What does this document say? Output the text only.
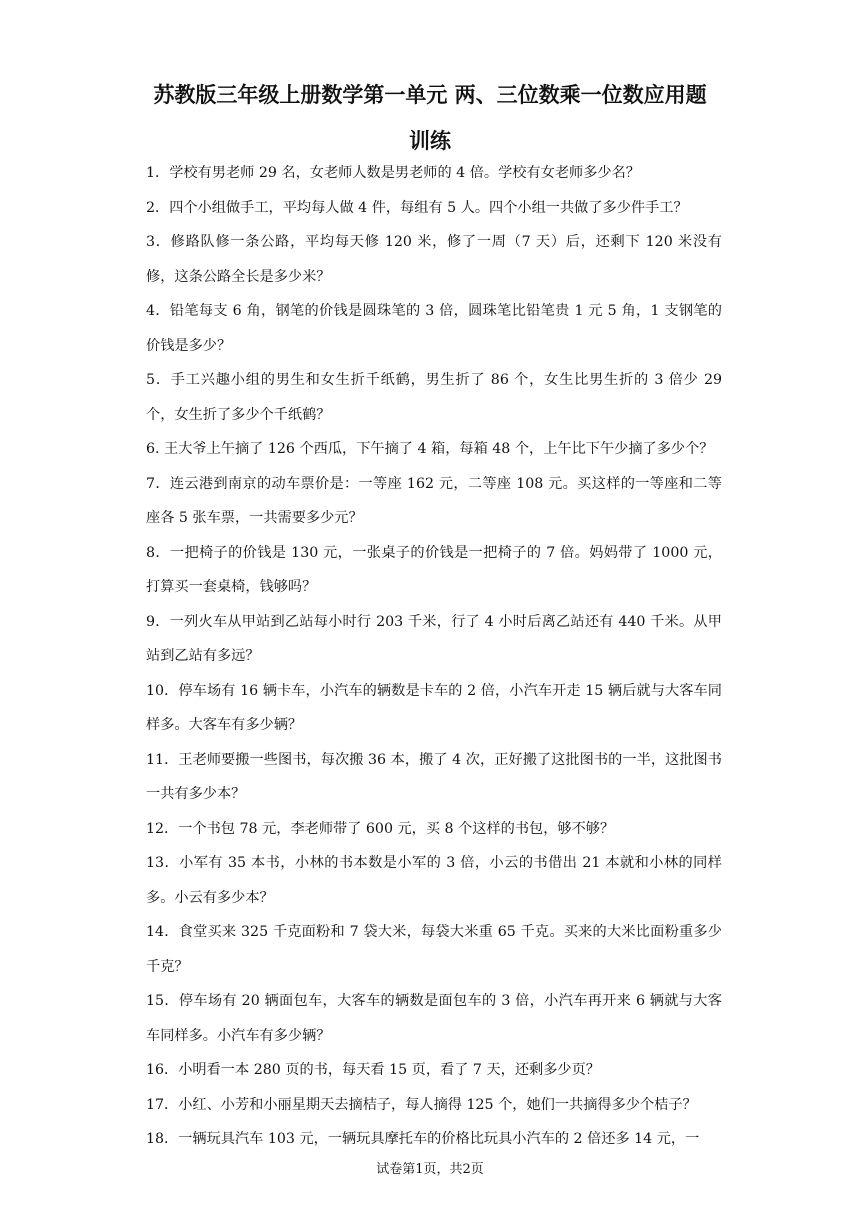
苏教版三年级上册数学第一单元 两、三位数乘一位数应用题
训练

1．学校有男老师 29 名，女老师人数是男老师的 4 倍。学校有女老师多少名？

2．四个小组做手工，平均每人做 4 件，每组有 5 人。四个小组一共做了多少件手工？

3．修路队修一条公路，平均每天修 120 米，修了一周（7 天）后，还剩下 120 米没有修，这条公路全长是多少米？

4．铅笔每支 6 角，钢笔的价钱是圆珠笔的 3 倍，圆珠笔比铅笔贵 1 元 5 角，1 支钢笔的价钱是多少？

5．手工兴趣小组的男生和女生折千纸鹤，男生折了 86 个，女生比男生折的 3 倍少 29 个，女生折了多少个千纸鹤？

6. 王大爷上午摘了 126 个西瓜，下午摘了 4 箱，每箱 48 个，上午比下午少摘了多少个？

7．连云港到南京的动车票价是：一等座 162 元，二等座 108 元。买这样的一等座和二等座各 5 张车票，一共需要多少元？

8．一把椅子的价钱是 130 元，一张桌子的价钱是一把椅子的 7 倍。妈妈带了 1000 元，打算买一套桌椅，钱够吗？

9．一列火车从甲站到乙站每小时行 203 千米，行了 4 小时后离乙站还有 440 千米。从甲站到乙站有多远？

10．停车场有 16 辆卡车，小汽车的辆数是卡车的 2 倍，小汽车开走 15 辆后就与大客车同样多。大客车有多少辆？

11．王老师要搬一些图书，每次搬 36 本，搬了 4 次，正好搬了这批图书的一半，这批图书一共有多少本？

12．一个书包 78 元，李老师带了 600 元，买 8 个这样的书包，够不够？

13．小军有 35 本书，小林的书本数是小军的 3 倍，小云的书借出 21 本就和小林的同样多。小云有多少本？

14．食堂买来 325 千克面粉和 7 袋大米，每袋大米重 65 千克。买来的大米比面粉重多少千克？

15．停车场有 20 辆面包车，大客车的辆数是面包车的 3 倍，小汽车再开来 6 辆就与大客车同样多。小汽车有多少辆？

16．小明看一本 280 页的书，每天看 15 页，看了 7 天，还剩多少页？

17．小红、小芳和小丽星期天去摘桔子，每人摘得 125 个，她们一共摘得多少个桔子？

18．一辆玩具汽车 103 元，一辆玩具摩托车的价格比玩具小汽车的 2 倍还多 14 元，一

试卷第1页，共2页
